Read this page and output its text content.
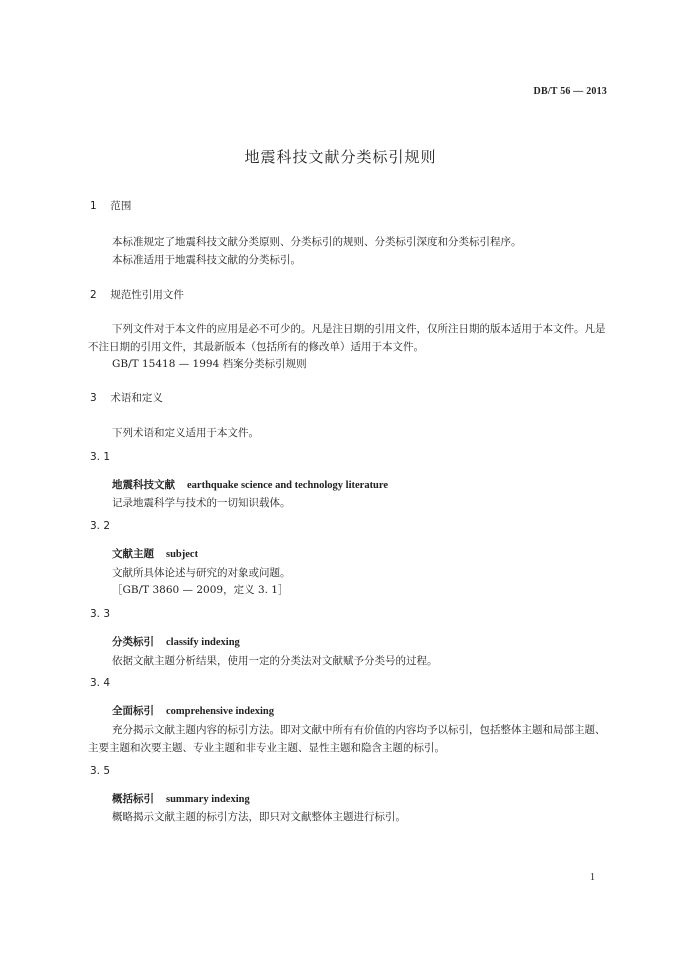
DB/T 56 — 2013
地震科技文献分类标引规则
1 范围
本标准规定了地震科技文献分类原则、分类标引的规则、分类标引深度和分类标引程序。
本标准适用于地震科技文献的分类标引。
2 规范性引用文件
下列文件对于本文件的应用是必不可少的。凡是注日期的引用文件，仅所注日期的版本适用于本文件。凡是不注日期的引用文件，其最新版本（包括所有的修改单）适用于本文件。
GB/T 15418 — 1994 档案分类标引规则
3 术语和定义
下列术语和定义适用于本文件。
3. 1
地震科技文献 earthquake science and technology literature
记录地震科学与技术的一切知识载体。
3. 2
文献主题 subject
文献所具体论述与研究的对象或问题。
［GB/T 3860 — 2009，定义 3. 1］
3. 3
分类标引 classify indexing
依据文献主题分析结果，使用一定的分类法对文献赋予分类号的过程。
3. 4
全面标引 comprehensive indexing
充分揭示文献主题内容的标引方法。即对文献中所有有价值的内容均予以标引，包括整体主题和局部主题、主要主题和次要主题、专业主题和非专业主题、显性主题和隐含主题的标引。
3. 5
概括标引 summary indexing
概略揭示文献主题的标引方法，即只对文献整体主题进行标引。
1
